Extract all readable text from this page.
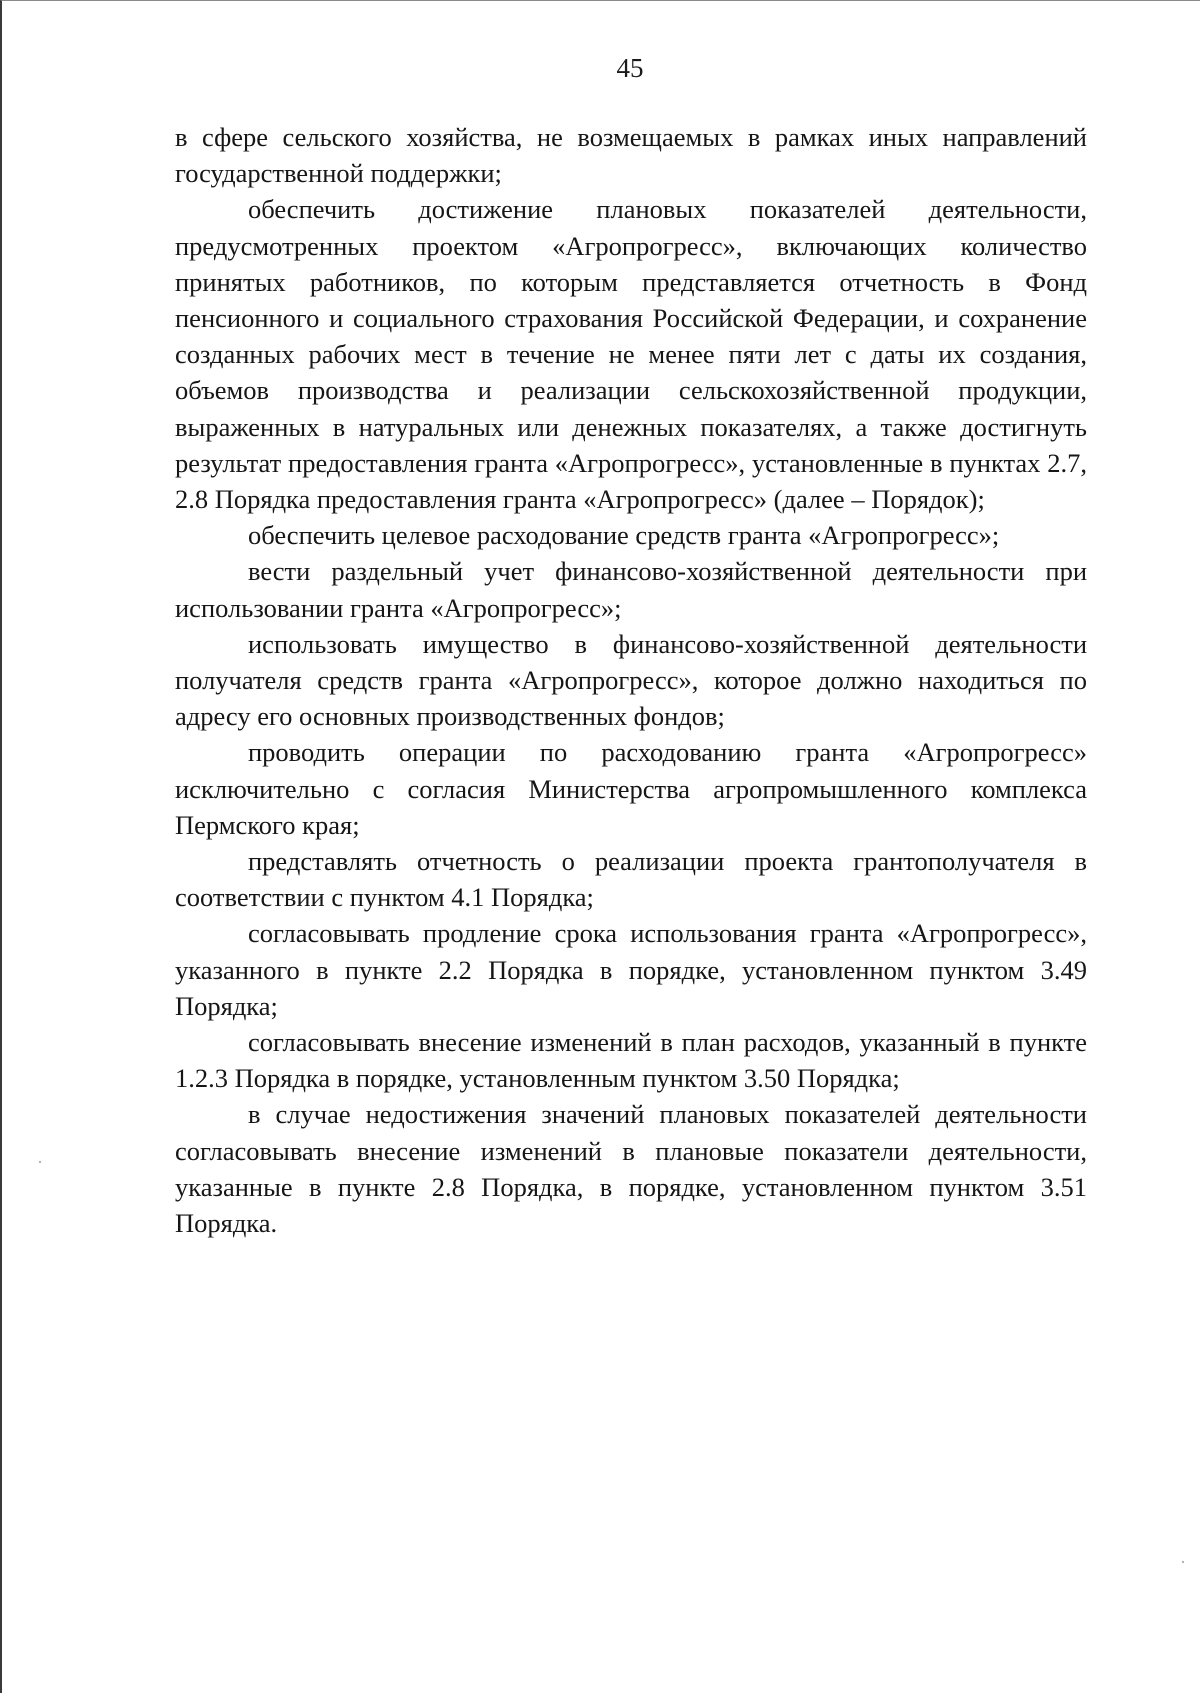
45

в сфере сельского хозяйства, не возмещаемых в рамках иных направлений государственной поддержки;

обеспечить достижение плановых показателей деятельности, предусмотренных проектом «Агропрогресс», включающих количество принятых работников, по которым представляется отчетность в Фонд пенсионного и социального страхования Российской Федерации, и сохранение созданных рабочих мест в течение не менее пяти лет с даты их создания, объемов производства и реализации сельскохозяйственной продукции, выраженных в натуральных или денежных показателях, а также достигнуть результат предоставления гранта «Агропрогресс», установленные в пунктах 2.7, 2.8 Порядка предоставления гранта «Агропрогресс» (далее – Порядок);

обеспечить целевое расходование средств гранта «Агропрогресс»;

вести раздельный учет финансово-хозяйственной деятельности при использовании гранта «Агропрогресс»;

использовать имущество в финансово-хозяйственной деятельности получателя средств гранта «Агропрогресс», которое должно находиться по адресу его основных производственных фондов;

проводить операции по расходованию гранта «Агропрогресс» исключительно с согласия Министерства агропромышленного комплекса Пермского края;

представлять отчетность о реализации проекта грантополучателя в соответствии с пунктом 4.1 Порядка;

согласовывать продление срока использования гранта «Агропрогресс», указанного в пункте 2.2 Порядка в порядке, установленном пунктом 3.49 Порядка;

согласовывать внесение изменений в план расходов, указанный в пункте 1.2.3 Порядка в порядке, установленным пунктом 3.50 Порядка;

в случае недостижения значений плановых показателей деятельности согласовывать внесение изменений в плановые показатели деятельности, указанные в пункте 2.8 Порядка, в порядке, установленном пунктом 3.51 Порядка.
